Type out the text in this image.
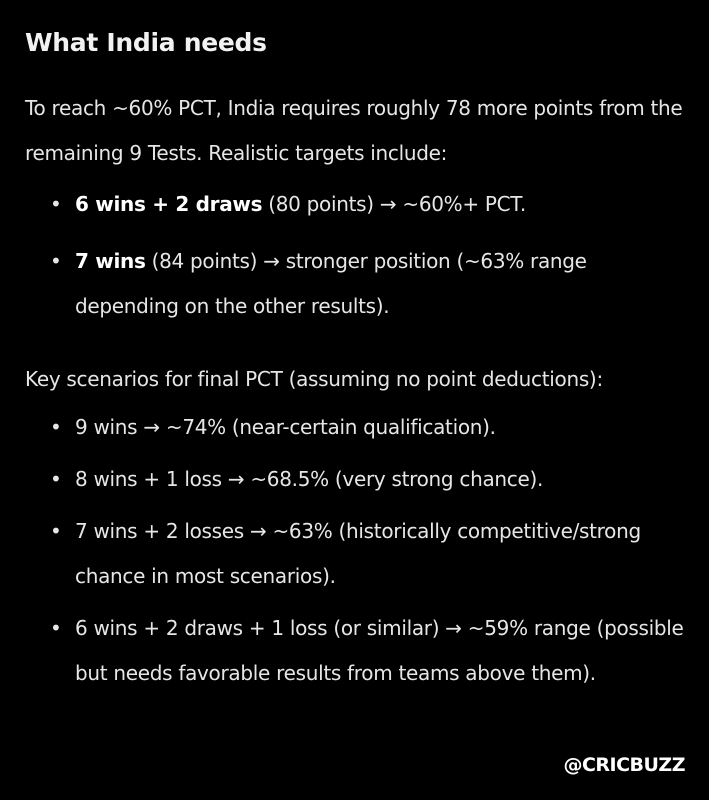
What India needs

To reach ~60% PCT, India requires roughly 78 more points from the remaining 9 Tests. Realistic targets include:

• 6 wins + 2 draws (80 points) → ~60%+ PCT.
• 7 wins (84 points) → stronger position (~63% range depending on the other results).

Key scenarios for final PCT (assuming no point deductions):

• 9 wins → ~74% (near-certain qualification).
• 8 wins + 1 loss → ~68.5% (very strong chance).
• 7 wins + 2 losses → ~63% (historically competitive/strong chance in most scenarios).
• 6 wins + 2 draws + 1 loss (or similar) → ~59% range (possible but needs favorable results from teams above them).
@CRICBUZZ
